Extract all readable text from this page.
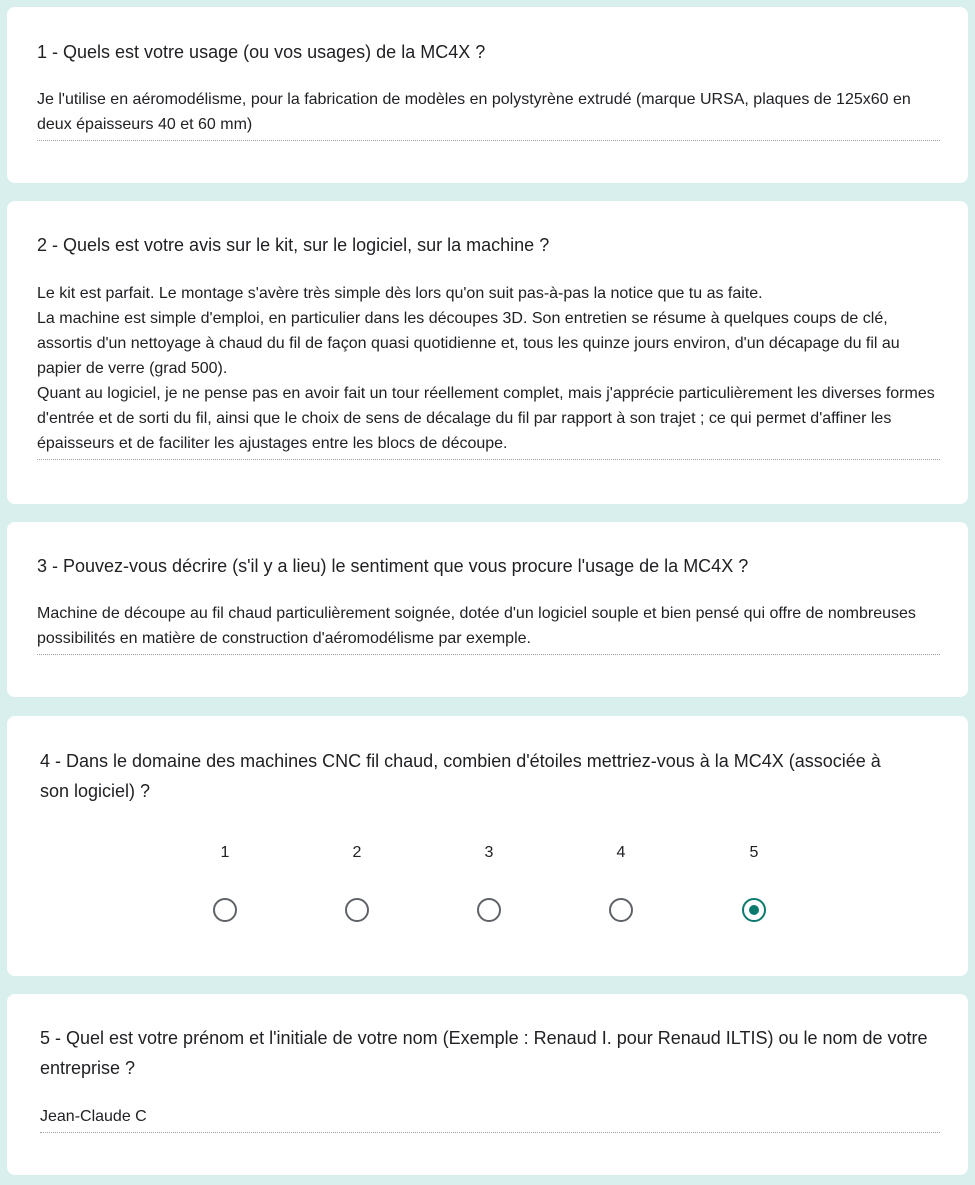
1 - Quels est votre usage (ou vos usages) de la MC4X ?

Je l'utilise en aéromodélisme, pour la fabrication de modèles en polystyrène extrudé (marque URSA, plaques de 125x60 en deux épaisseurs 40 et 60 mm)

2 - Quels est votre avis sur le kit, sur le logiciel, sur la machine ?

Le kit est parfait. Le montage s'avère très simple dès lors qu'on suit pas-à-pas la notice que tu as faite.
La machine est simple d'emploi, en particulier dans les découpes 3D. Son entretien se résume à quelques coups de clé, assortis d'un nettoyage à chaud du fil de façon quasi quotidienne et, tous les quinze jours environ, d'un décapage du fil au papier de verre (grad 500).
Quant au logiciel, je ne pense pas en avoir fait un tour réellement complet, mais j'apprécie particulièrement les diverses formes d'entrée et de sorti du fil, ainsi que le choix de sens de décalage du fil par rapport à son trajet ; ce qui permet d'affiner les épaisseurs et de faciliter les ajustages entre les blocs de découpe.

3 - Pouvez-vous décrire (s'il y a lieu) le sentiment que vous procure l'usage de la MC4X ?

Machine de découpe au fil chaud particulièrement soignée, dotée d'un logiciel souple et bien pensé qui offre de nombreuses possibilités en matière de construction d'aéromodélisme par exemple.

4 - Dans le domaine des machines CNC fil chaud, combien d'étoiles mettriez-vous à la MC4X (associée à son logiciel) ?

1	2	3	4	5

5 - Quel est votre prénom et l'initiale de votre nom (Exemple : Renaud I. pour Renaud ILTIS) ou le nom de votre entreprise ?

Jean-Claude C
